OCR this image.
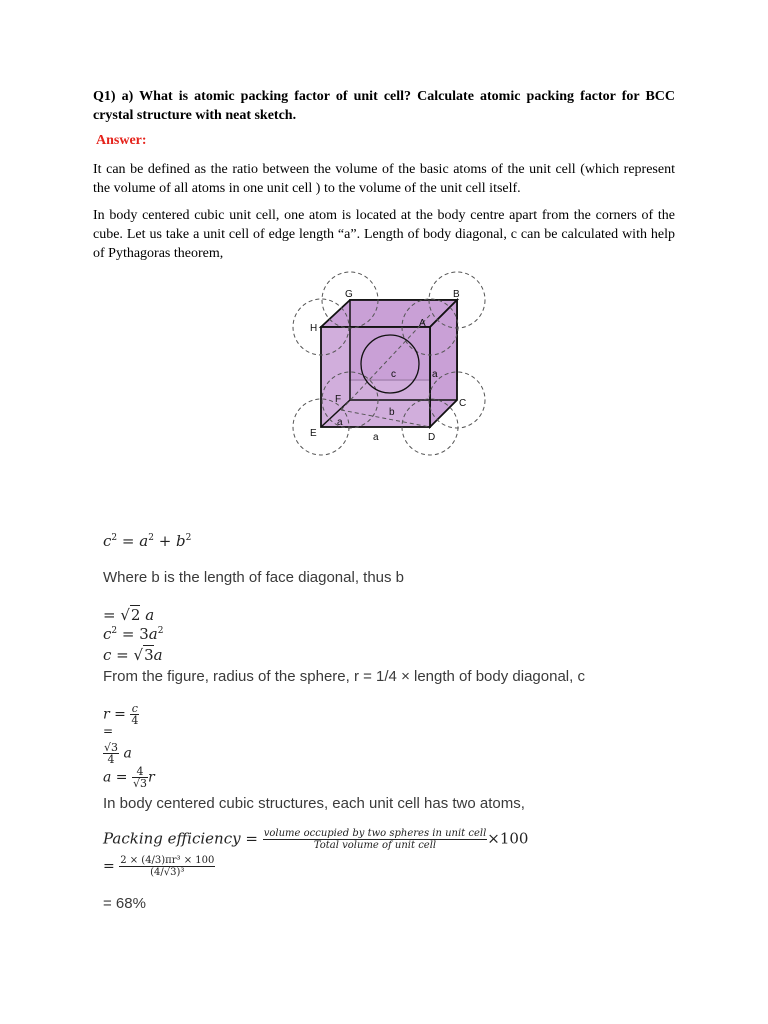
Q1) a) What is atomic packing factor of unit cell? Calculate atomic packing factor for BCC crystal structure with neat sketch.
Answer:

It can be defined as the ratio between the volume of the basic atoms of the unit cell (which represent the volume of all atoms in one unit cell ) to the volume of the unit cell itself.

In body centered cubic unit cell, one atom is located at the body centre apart from the corners of the cube. Let us take a unit cell of edge length “a”. Length of body diagonal, c can be calculated with help of Pythagoras theorem,

G	B
H	A
c	a
F	C
b
a
E	a	D
$c^2 = a^2 + b^2$
Where b is the length of face diagonal, thus b
= √2 a
$c^2 = 3a^2$
c = √3a
From the figure, radius of the sphere, r = 1/4 × length of body diagonal, c
$r = \frac{c}{4}$
=
$\frac{√3}{4}$ a
$a = \frac{4}{√3}$ r
In body centered cubic structures, each unit cell has two atoms,
Packing efficiency = $\frac{\text{volume occupied by two spheres in unit cell}}{\text{Total volume of unit cell}} \times 100$
= $\frac{\text{2 × (4/3)πr³ × 100}}{\text{(4/√3)³}}$
= 68%
